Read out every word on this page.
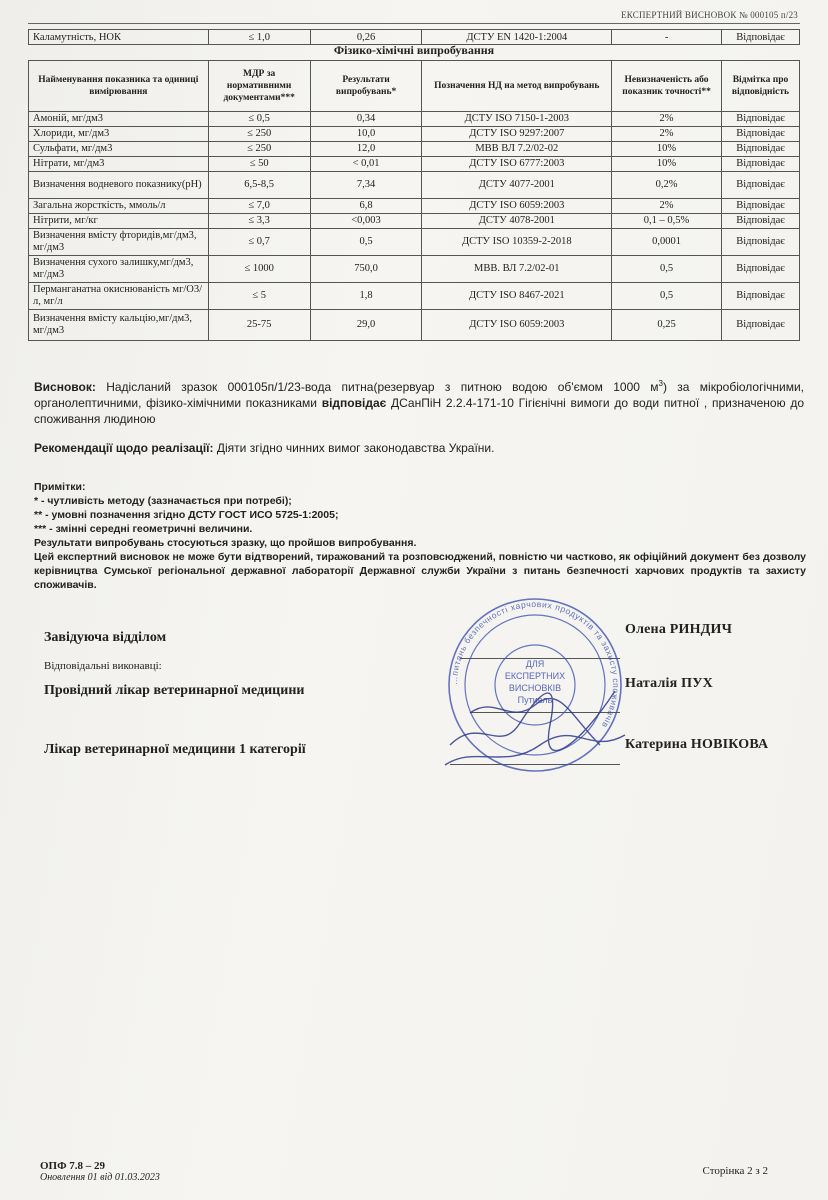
ЕКСПЕРТНИЙ ВИСНОВОК № 000105 п/23
Каламутність, НОК	≤ 1,0	0,26	ДСТУ EN 1420-1:2004	-	Відповідає
Фізико-хімічні випробування
Найменування показника та одиниці вимірювання	МДР за нормативними документами***	Результати випробувань*	Позначення НД на метод випробувань	Невизначеність або показник точності**	Відмітка про відповідність
Амоній, мг/дм3	≤ 0,5	0,34	ДСТУ ISO 7150-1-2003	2%	Відповідає
Хлориди, мг/дм3	≤ 250	10,0	ДСТУ ISO 9297:2007	2%	Відповідає
Сульфати, мг/дм3	≤ 250	12,0	МВВ ВЛ 7.2/02-02	10%	Відповідає
Нітрати, мг/дм3	≤ 50	< 0,01	ДСТУ ISO 6777:2003	10%	Відповідає
Визначення водневого показнику(pH)	6,5-8,5	7,34	ДСТУ 4077-2001	0,2%	Відповідає
Загальна жорсткість, ммоль/л	≤ 7,0	6,8	ДСТУ ISO 6059:2003	2%	Відповідає
Нітрити, мг/кг	≤ 3,3	<0,003	ДСТУ 4078-2001	0,1 – 0,5%	Відповідає
Визначення вмісту фторидів,мг/дм3, мг/дм3	≤ 0,7	0,5	ДСТУ ISO 10359-2-2018	0,0001	Відповідає
Визначення сухого залишку,мг/дм3, мг/дм3	≤ 1000	750,0	МВВ. ВЛ 7.2/02-01	0,5	Відповідає
Перманганатна окиснюваність мг/О3/л, мг/л	≤ 5	1,8	ДСТУ ISO 8467-2021	0,5	Відповідає
Визначення вмісту кальцію,мг/дм3, мг/дм3	25-75	29,0	ДСТУ ISO 6059:2003	0,25	Відповідає
Висновок: Надісланий зразок 000105п/1/23-вода питна(резервуар з питною водою об'ємом 1000 $м^3$) за мікробіологічними, органолептичними, фізико-хімічними показниками відповідає ДСанПіН 2.2.4-171-10 Гігієнічні вимоги до води питної , призначеною до споживання людиною
Рекомендації щодо реалізації: Діяти згідно чинних вимог законодавства України.
Примітки:
* - чутливість методу (зазначається при потребі);
** - умовні позначення згідно ДСТУ ГОСТ ИСО 5725-1:2005;
*** - змінні середні геометричні величини.
Результати випробувань стосуються зразку, що пройшов випробування.
Цей експертний висновок не може бути відтворений, тиражований та розповсюджений, повністю чи частково, як офіційний документ без дозволу керівництва Сумської регіональної державної лабораторії Державної служби України з питань безпечності харчових продуктів та захисту споживачів.
Завідуюча відділом
Відповідальні виконавці:
Провідний лікар ветеринарної медицини
Лікар ветеринарної медицини 1 категорії
Олена РИНДИЧ
Наталія ПУХ
Катерина НОВІКОВА
…питань безпечності харчових продуктів та захисту споживачів
ДЛЯ
ЕКСПЕРТНИХ
ВИСНОВКІВ
Путивль
ОПФ 7.8 – 29
Оновлення 01 від 01.03.2023
Сторінка 2 з 2
